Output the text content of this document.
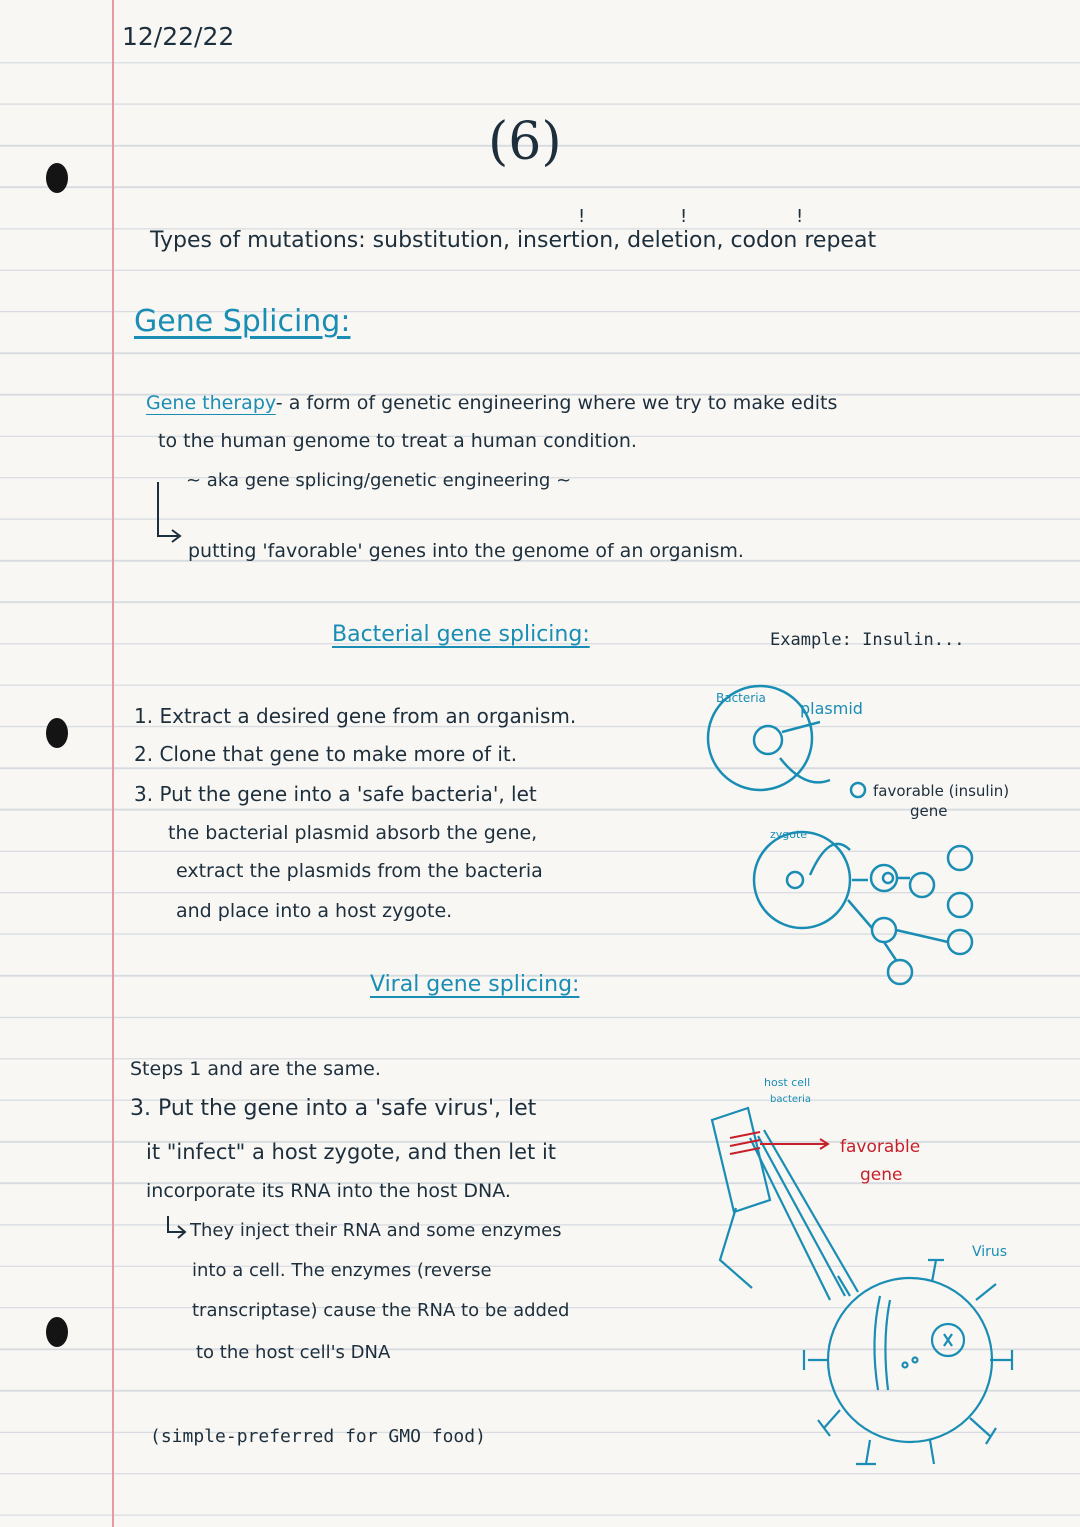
12/22/22
(6)
Types of mutations: substitution, insertion, deletion, codon repeat
!	!	!
Gene Splicing:
Gene therapy- a form of genetic engineering where we try to make edits
to the human genome to treat a human condition.
~ aka gene splicing/genetic engineering ~
putting 'favorable' genes into the genome of an organism.
Bacterial gene splicing:	Example: Insulin...
1. Extract a desired gene from an organism.
2. Clone that gene to make more of it.
3. Put the gene into a 'safe bacteria', let
the bacterial plasmid absorb the gene,
extract the plasmids from the bacteria
and place into a host zygote.
Bacteria
plasmid
zygote
favorable (insulin)
gene
Viral gene splicing:
Steps 1 and are the same.
3. Put the gene into a 'safe virus', let
it "infect" a host zygote, and then let it
incorporate its RNA into the host DNA.
They inject their RNA and some enzymes
into a cell. The enzymes (reverse
transcriptase) cause the RNA to be added
to the host cell's DNA
(simple-preferred for GMO food)
host cell
bacteria
favorable
gene
Virus
